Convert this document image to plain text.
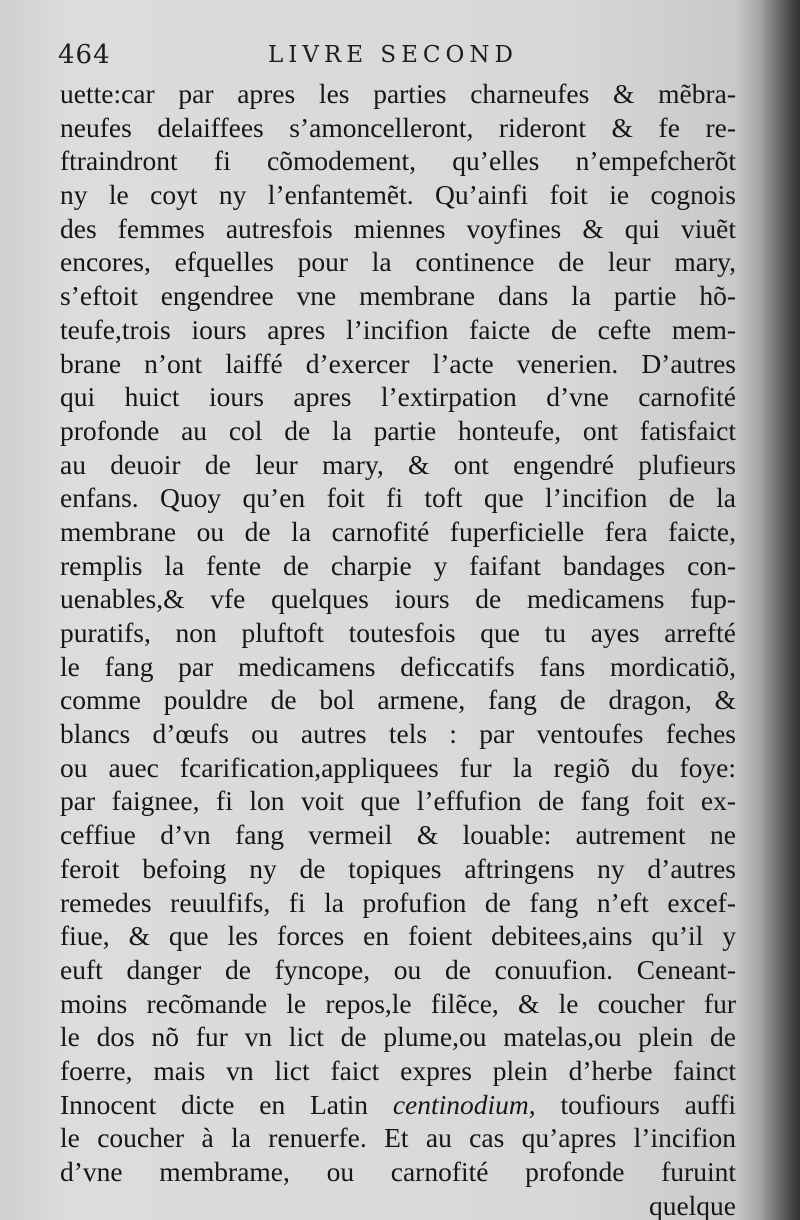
464	LIVRE SECOND
uette:car par apres les parties charneufes & mẽbra-
neufes delaiffees s’amoncelleront, rideront & fe re-
ftraindront fi cõmodement, qu’elles n’empefcherõt
ny le coyt ny l’enfantemẽt. Qu’ainfi foit ie cognois
des femmes autresfois miennes voyfines & qui viuẽt
encores, efquelles pour la continence de leur mary,
s’eftoit engendree vne membrane dans la partie hõ-
teufe,trois iours apres l’incifion faicte de cefte mem-
brane n’ont laiffé d’exercer l’acte venerien. D’autres
qui huict iours apres l’extirpation d’vne carnofité
profonde au col de la partie honteufe, ont fatisfaict
au deuoir de leur mary, & ont engendré plufieurs
enfans. Quoy qu’en foit fi toft que l’incifion de la
membrane ou de la carnofité fuperficielle fera faicte,
remplis la fente de charpie y faifant bandages con-
uenables,& vfe quelques iours de medicamens fup-
puratifs, non pluftoft toutesfois que tu ayes arrefté
le fang par medicamens deficcatifs fans mordicatiõ,
comme pouldre de bol armene, fang de dragon, &
blancs d’œufs ou autres tels : par ventoufes feches
ou auec fcarification,appliquees fur la regiõ du foye:
par faignee, fi lon voit que l’effufion de fang foit ex-
ceffiue d’vn fang vermeil & louable: autrement ne
feroit befoing ny de topiques aftringens ny d’autres
remedes reuulfifs, fi la profufion de fang n’eft excef-
fiue, & que les forces en foient debitees,ains qu’il y
euft danger de fyncope, ou de conuufion. Ceneant-
moins recõmande le repos,le filẽce, & le coucher fur
le dos nõ fur vn lict de plume,ou matelas,ou plein de
foerre, mais vn lict faict expres plein d’herbe fainct
Innocent dicte en Latin centinodium, toufiours auffi
le coucher à la renuerfe. Et au cas qu’apres l’incifion
d’vne membrame, ou carnofité profonde furuint
quelque
